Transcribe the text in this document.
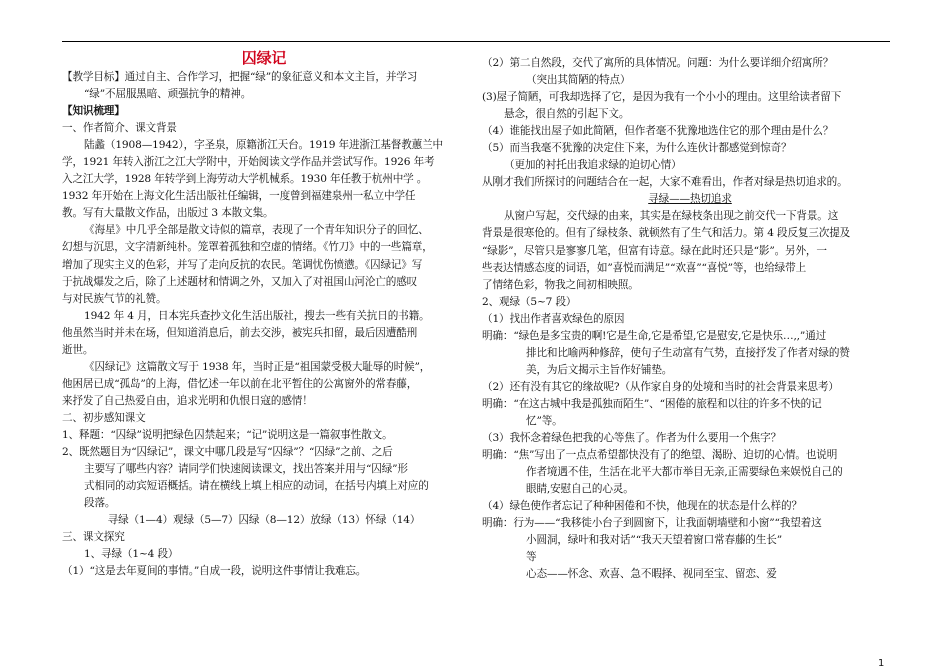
囚绿记
【教学目标】通过自主、合作学习，把握“绿”的象征意义和本文主旨，并学习
“绿”不屈服黑暗、顽强抗争的精神。
【知识梳理】
一、作者简介、课文背景
陆蠡（1908—1942），字圣泉，原籍浙江天台。1919 年进浙江基督教蕙兰中
学，1921 年转入浙江之江大学附中，开始阅读文学作品并尝试写作。1926 年考
入之江大学，1928 年转学到上海劳动大学机械系。1930 年任教于杭州中学 。
1932 年开始在上海文化生活出版社任编辑，一度曾到福建泉州一私立中学任
教。写有大量散文作品，出版过 3 本散文集。
《海星》中几乎全部是散文诗似的篇章，表现了一个青年知识分子的回忆、
幻想与沉思，文字清新纯朴。笼罩着孤独和空虚的情绪。《竹刀》中的一些篇章，
增加了现实主义的色彩，并写了走向反抗的农民。笔调忧伤愤懑。《囚绿记》写
于抗战爆发之后，除了上述题材和情调之外，又加入了对祖国山河沦亡的感叹
与对民族气节的礼赞。
1942 年 4 月，日本宪兵查抄文化生活出版社，搜去一些有关抗日的书籍。
他虽然当时并未在场，但知道消息后，前去交涉，被宪兵扣留，最后因遭酷刑
逝世。
《囚绿记》这篇散文写于 1938 年，当时正是“祖国蒙受极大耻辱的时候”，
他困居已成“孤岛”的上海，借忆述一年以前在北平暂住的公寓窗外的常春藤，
来抒发了自己热爱自由，追求光明和仇恨日寇的感情！
二、初步感知课文
1、释题：“囚绿”说明把绿色囚禁起来；“记”说明这是一篇叙事性散文。
2、既然题目为“囚绿记”，课文中哪几段是写“囚绿”？“囚绿”之前、之后
主要写了哪些内容？请同学们快速阅读课文，找出答案并用与“囚绿”形
式相同的动宾短语概括。请在横线上填上相应的动词，在括号内填上对应的
段落。
寻绿（1—4）观绿（5—7）囚绿（8—12）放绿（13）怀绿（14）
三、课文探究
1、寻绿（1~4 段）
（1）“这是去年夏间的事情。”自成一段，说明这件事情让我难忘。
（2）第二自然段，交代了寓所的具体情况。问题：为什么要详细介绍寓所？
（突出其简陋的特点）
(3)屋子简陋，可我却选择了它，是因为我有一个小小的理由。这里给读者留下
悬念，很自然的引起下文。
（4）谁能找出屋子如此简陋，但作者毫不犹豫地选住它的那个理由是什么？
（5）而当我毫不犹豫的决定住下来，为什么连伙计都感觉到惊奇？
（更加的衬托出我追求绿的迫切心情）
从刚才我们所探讨的问题结合在一起，大家不难看出，作者对绿是热切追求的。
寻绿——热切追求
从窗户写起，交代绿的由来，其实是在绿枝条出现之前交代一下背景。这
背景是很寒伧的。但有了绿枝条、就顿然有了生气和活力。第 4 段反复三次提及
“绿影”，尽管只是寥寥几笔，但富有诗意。绿在此时还只是“影”。另外，一
些表达情感态度的词语，如”喜悦而满足”“欢喜”“喜悦”等，也给绿带上
了情绪色彩，物我之间初相映照。
2、观绿（5~7 段）
（1）找出作者喜欢绿色的原因
明确：“绿色是多宝贵的啊!它是生命,它是希望,它是慰安,它是快乐…,,”通过
排比和比喻两种修辞，使句子生动富有气势，直接抒发了作者对绿的赞
美，为后文揭示主旨作好铺垫。
（2）还有没有其它的缘故呢?（从作家自身的处境和当时的社会背景来思考）
明确：“在这古城中我是孤独而陌生”、“困倦的旅程和以往的许多不快的记
忆”等。
（3）我怀念着绿色把我的心等焦了。作者为什么要用一个焦字？
明确：“焦”写出了一点点希望都快没有了的绝望、渴盼、迫切的心情。也说明
作者境遇不佳，生活在北平大都市举目无亲,正需要绿色来娱悦自己的
眼睛,安慰自己的心灵。
（4）绿色使作者忘记了种种困倦和不快，他现在的状态是什么样的？
明确：行为——“我移徙小台子到圆窗下，让我面朝墙壁和小窗”“我望着这
小圆洞，绿叶和我对话”“我天天望着窗口常春藤的生长”
等
心态——怀念、欢喜、急不暇择、视同至宝、留恋、爱
1
